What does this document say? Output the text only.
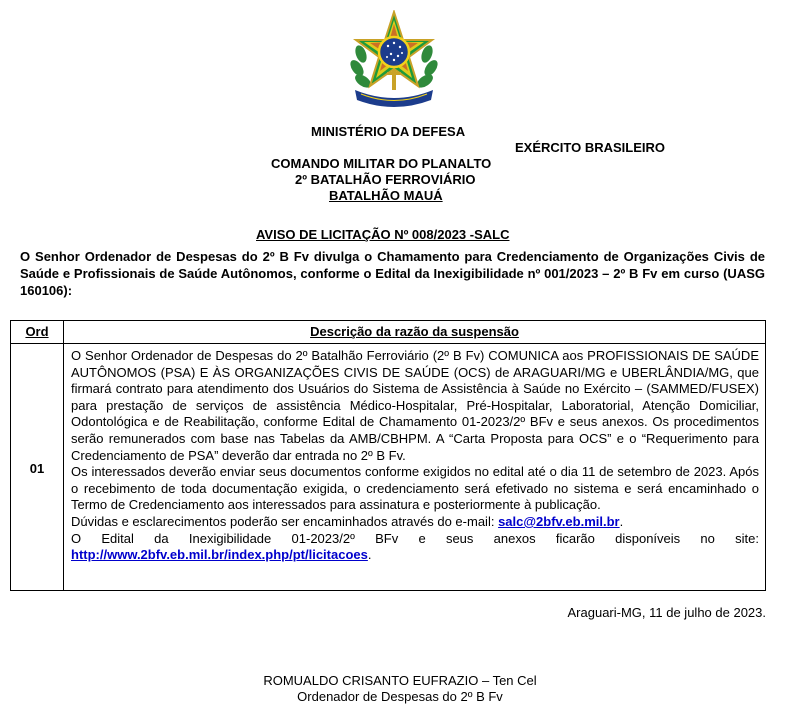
MINISTÉRIO DA DEFESA
EXÉRCITO BRASILEIRO
COMANDO MILITAR DO PLANALTO
2º BATALHÃO FERROVIÁRIO
BATALHÃO MAUÁ
AVISO DE LICITAÇÃO Nº 008/2023 -SALC
O Senhor Ordenador de Despesas do 2º B Fv divulga o Chamamento para Credenciamento de Organizações Civis de Saúde e Profissionais de Saúde Autônomos, conforme o Edital da Inexigibilidade nº 001/2023 – 2º B Fv em curso (UASG 160106):
Ord	Descrição da razão da suspensão
01

O Senhor Ordenador de Despesas do 2º Batalhão Ferroviário (2º B Fv) COMUNICA aos PROFISSIONAIS DE SAÚDE AUTÔNOMOS (PSA) E ÀS ORGANIZAÇÕES CIVIS DE SAÚDE (OCS) de ARAGUARI/MG e UBERLÂNDIA/MG, que firmará contrato para atendimento dos Usuários do Sistema de Assistência à Saúde no Exército – (SAMMED/FUSEX) para prestação de serviços de assistência Médico-Hospitalar, Pré-Hospitalar, Laboratorial, Atenção Domiciliar, Odontológica e de Reabilitação, conforme Edital de Chamamento 01-2023/2º BFv e seus anexos. Os procedimentos serão remunerados com base nas Tabelas da AMB/CBHPM. A “Carta Proposta para OCS” e o “Requerimento para Credenciamento de PSA” deverão dar entrada no 2º B Fv.

Os interessados deverão enviar seus documentos conforme exigidos no edital até o dia 11 de setembro de 2023. Após o recebimento de toda documentação exigida, o credenciamento será efetivado no sistema e será encaminhado o Termo de Credenciamento aos interessados para assinatura e posteriormente à publicação.

Dúvidas e esclarecimentos poderão ser encaminhados através do e-mail: salc@2bfv.eb.mil.br.

O Edital da Inexigibilidade 01-2023/2º BFv e seus anexos ficarão disponíveis no site: http://www.2bfv.eb.mil.br/index.php/pt/licitacoes.

Araguari-MG, 11 de julho de 2023.
ROMUALDO CRISANTO EUFRAZIO – Ten Cel
Ordenador de Despesas do 2º B Fv
